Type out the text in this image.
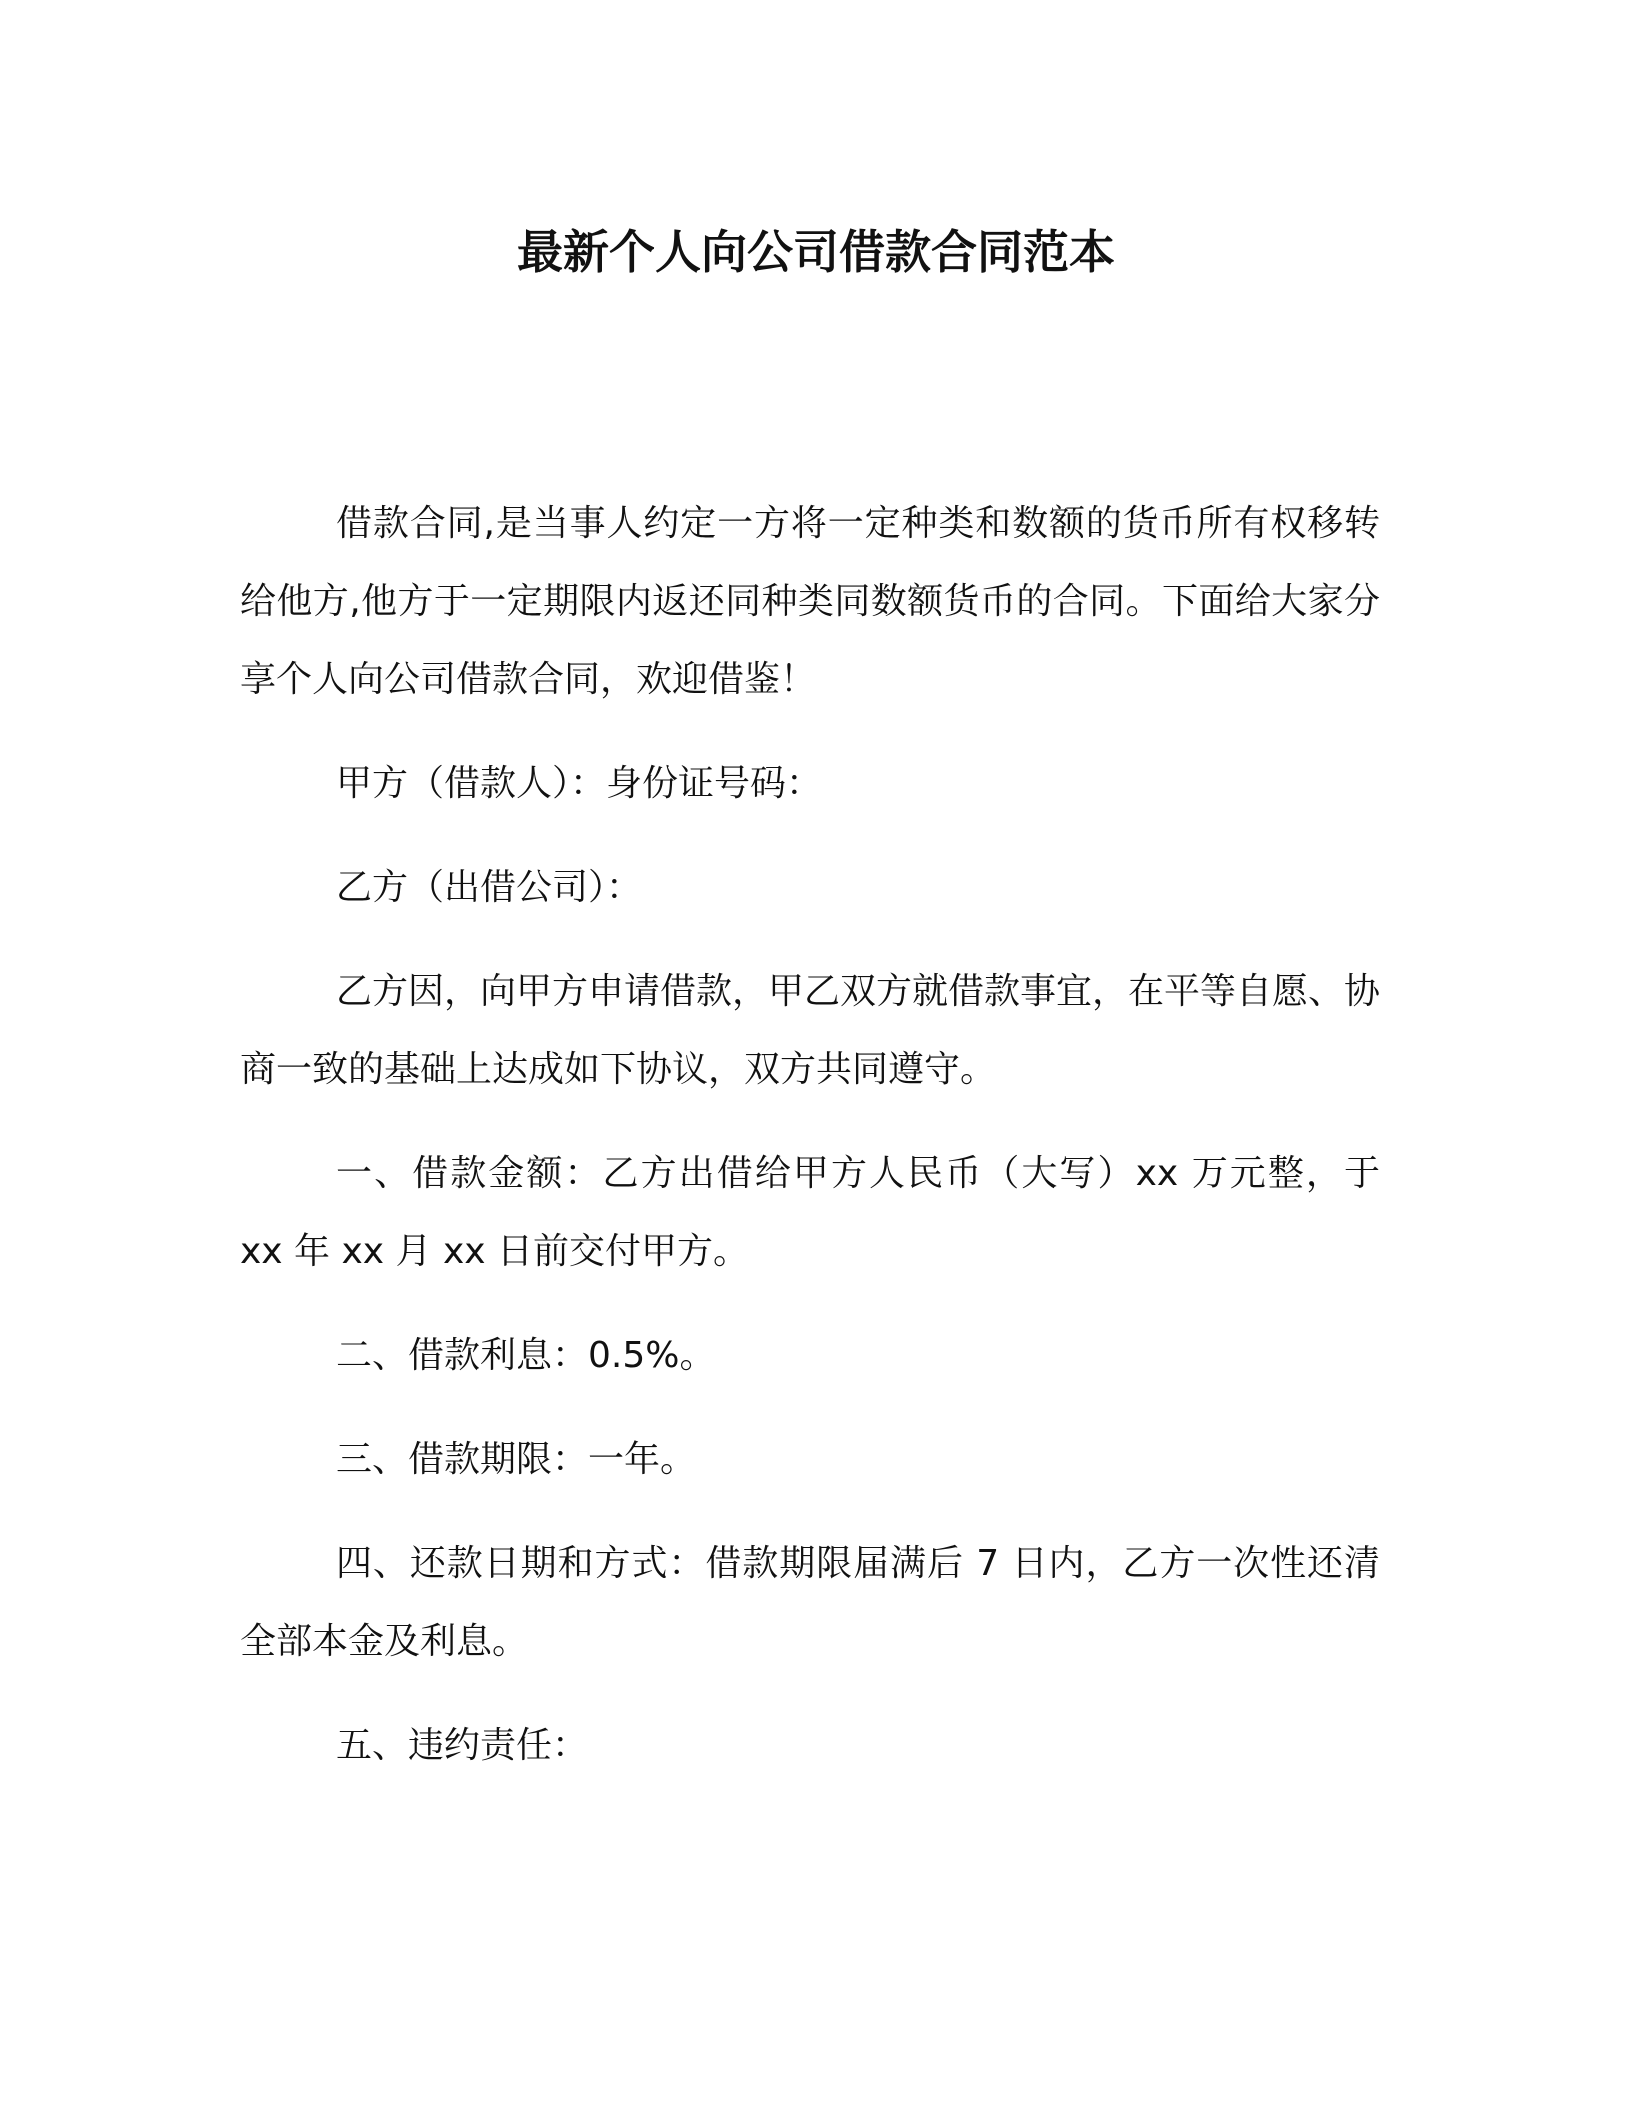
最新个人向公司借款合同范本

借款合同,是当事人约定一方将一定种类和数额的货币所有权移转给他方,他方于一定期限内返还同种类同数额货币的合同。下面给大家分享个人向公司借款合同，欢迎借鉴！

甲方（借款人）：身份证号码：

乙方（出借公司）：

乙方因，向甲方申请借款，甲乙双方就借款事宜，在平等自愿、协商一致的基础上达成如下协议，双方共同遵守。

一、借款金额：乙方出借给甲方人民币（大写）xx 万元整，于 xx 年 xx 月 xx 日前交付甲方。

二、借款利息：0.5%。

三、借款期限：一年。

四、还款日期和方式：借款期限届满后 7 日内，乙方一次性还清全部本金及利息。

五、违约责任：
